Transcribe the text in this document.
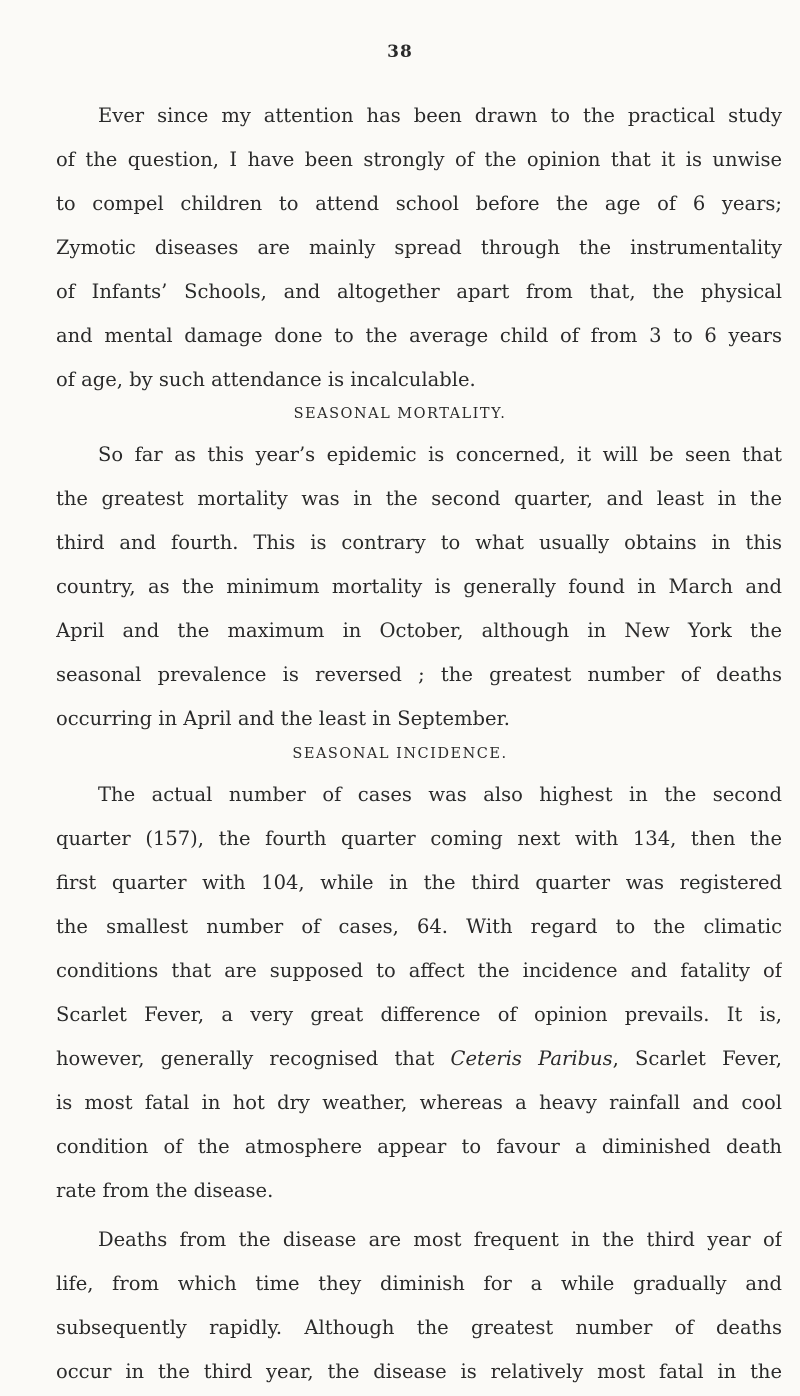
38
Ever since my attention has been drawn to the practical study
of the question, I have been strongly of the opinion that it is unwise
to compel children to attend school before the age of 6 years;
Zymotic diseases are mainly spread through the instrumentality
of Infants’ Schools, and altogether apart from that, the physical
and mental damage done to the average child of from 3 to 6 years
of age, by such attendance is incalculable.
SEASONAL MORTALITY.
So far as this year’s epidemic is concerned, it will be seen that
the greatest mortality was in the second quarter, and least in the
third and fourth. This is contrary to what usually obtains in this
country, as the minimum mortality is generally found in March and
April and the maximum in October, although in New York the
seasonal prevalence is reversed ; the greatest number of deaths
occurring in April and the least in September.
SEASONAL INCIDENCE.
The actual number of cases was also highest in the second
quarter (157), the fourth quarter coming next with 134, then the
first quarter with 104, while in the third quarter was registered
the smallest number of cases, 64. With regard to the climatic
conditions that are supposed to affect the incidence and fatality of
Scarlet Fever, a very great difference of opinion prevails. It is,
however, generally recognised that Ceteris Paribus, Scarlet Fever,
is most fatal in hot dry weather, whereas a heavy rainfall and cool
condition of the atmosphere appear to favour a diminished death
rate from the disease.
Deaths from the disease are most frequent in the third year of
life, from which time they diminish for a while gradually and
subsequently rapidly. Although the greatest number of deaths
occur in the third year, the disease is relatively most fatal in the
